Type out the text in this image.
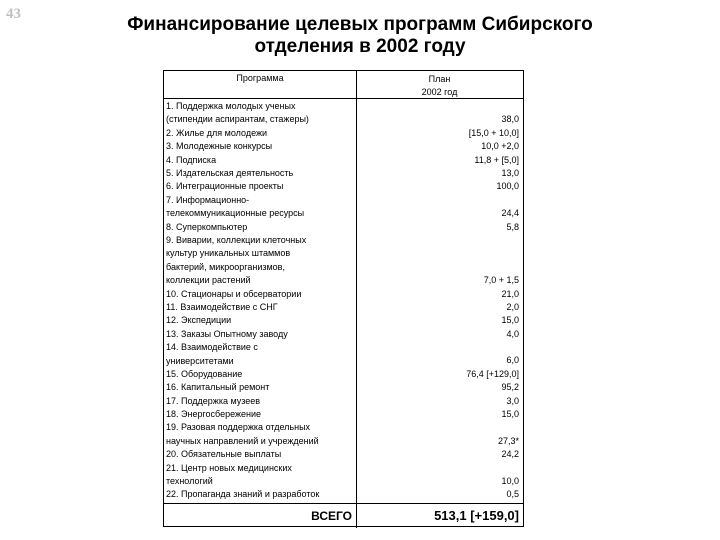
43	Финансирование целевых программ Сибирского
отделения в 2002 году
Программа	План
2002 год
1. Поддержка молодых ученых
(стипендии аспирантам, стажеры)	38,0
2. Жилье для молодежи	[15,0 + 10,0]
3. Молодежные конкурсы	10,0 +2,0
4. Подписка	11,8 + [5,0]
5. Издательская деятельность	13,0
6. Интеграционные проекты	100,0
7. Информационно-
телекоммуникационные ресурсы	24,4
8. Суперкомпьютер	5,8
9. Виварии, коллекции клеточных
культур уникальных штаммов
бактерий, микроорганизмов,
коллекции растений	7,0 + 1,5
10. Стационары и обсерватории	21,0
11. Взаимодействие с СНГ	2,0
12. Экспедиции	15,0
13. Заказы Опытному заводу	4,0
14. Взаимодействие с
университетами	6,0
15. Оборудование	76,4 [+129,0]
16. Капитальный ремонт	95,2
17. Поддержка музеев	3,0
18. Энергосбережение	15,0
19. Разовая поддержка отдельных
научных направлений и учреждений	27,3*
20. Обязательные выплаты	24,2
21. Центр новых медицинских
технологий	10,0
22. Пропаганда знаний и разработок	0,5
ВСЕГО	513,1 [+159,0]
